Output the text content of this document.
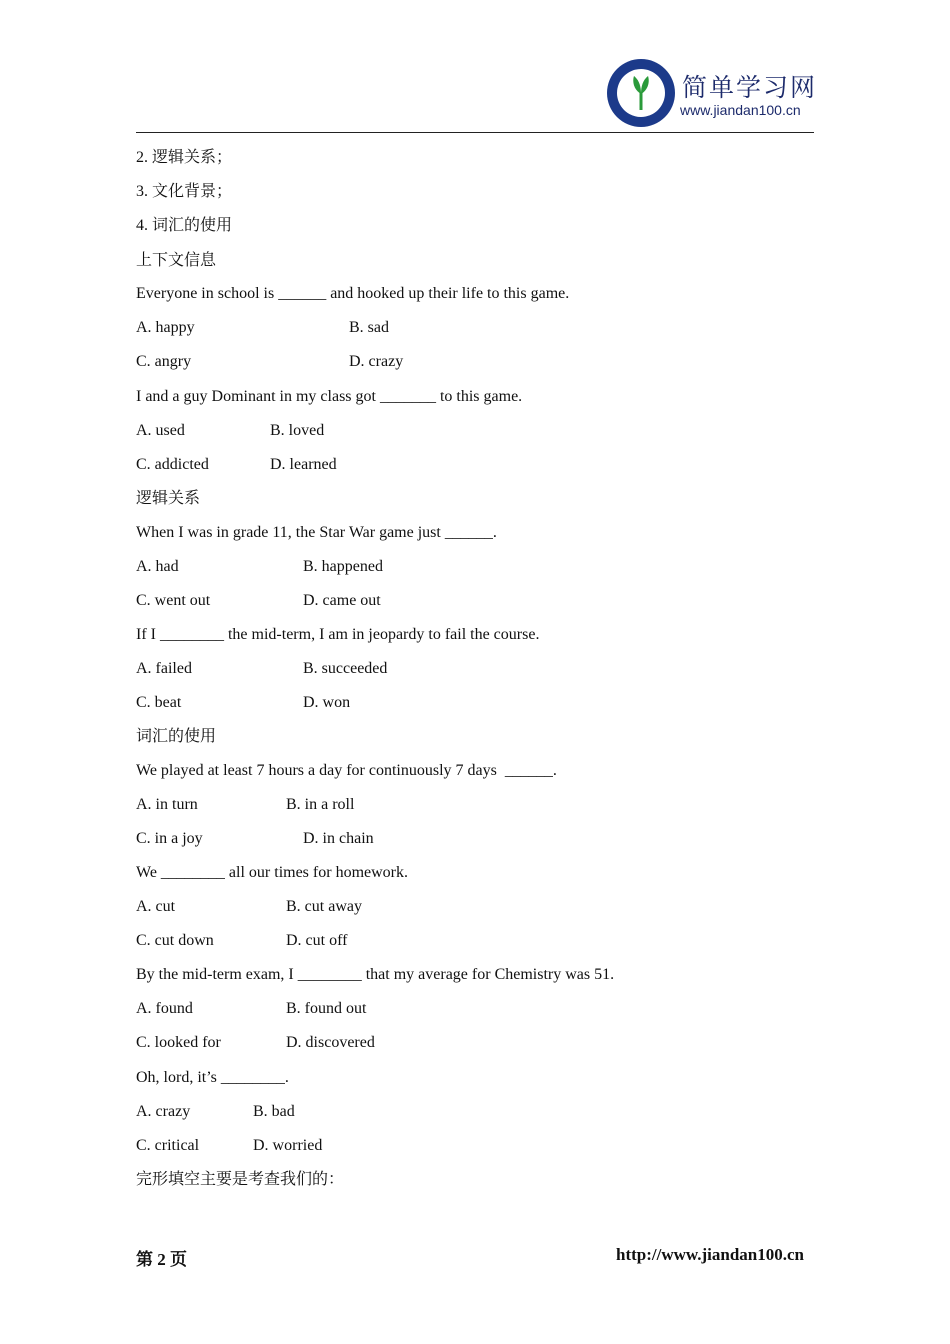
简单学习网
www.jiandan100.cn
2. 逻辑关系；
3. 文化背景；
4. 词汇的使用
上下文信息
Everyone in school is ______ and hooked up their life to this game.
A. happy	B. sad
C. angry	D. crazy
I and a guy Dominant in my class got _______ to this game.
A. used	B. loved
C. addicted	D. learned
逻辑关系
When I was in grade 11, the Star War game just ______.
A. had	B. happened
C. went out	D. came out
If I ________ the mid-term, I am in jeopardy to fail the course.
A. failed	B. succeeded
C. beat	D. won
词汇的使用
We played at least 7 hours a day for continuously 7 days  ______.
A. in turn	B. in a roll
C. in a joy	D. in chain
We ________ all our times for homework.
A. cut	B. cut away
C. cut down	D. cut off
By the mid-term exam, I ________ that my average for Chemistry was 51.
A. found	B. found out
C. looked for	D. discovered
Oh, lord, it’s ________.
A. crazy	B. bad
C. critical	D. worried
完形填空主要是考查我们的：
第 2 页	http://www.jiandan100.cn
